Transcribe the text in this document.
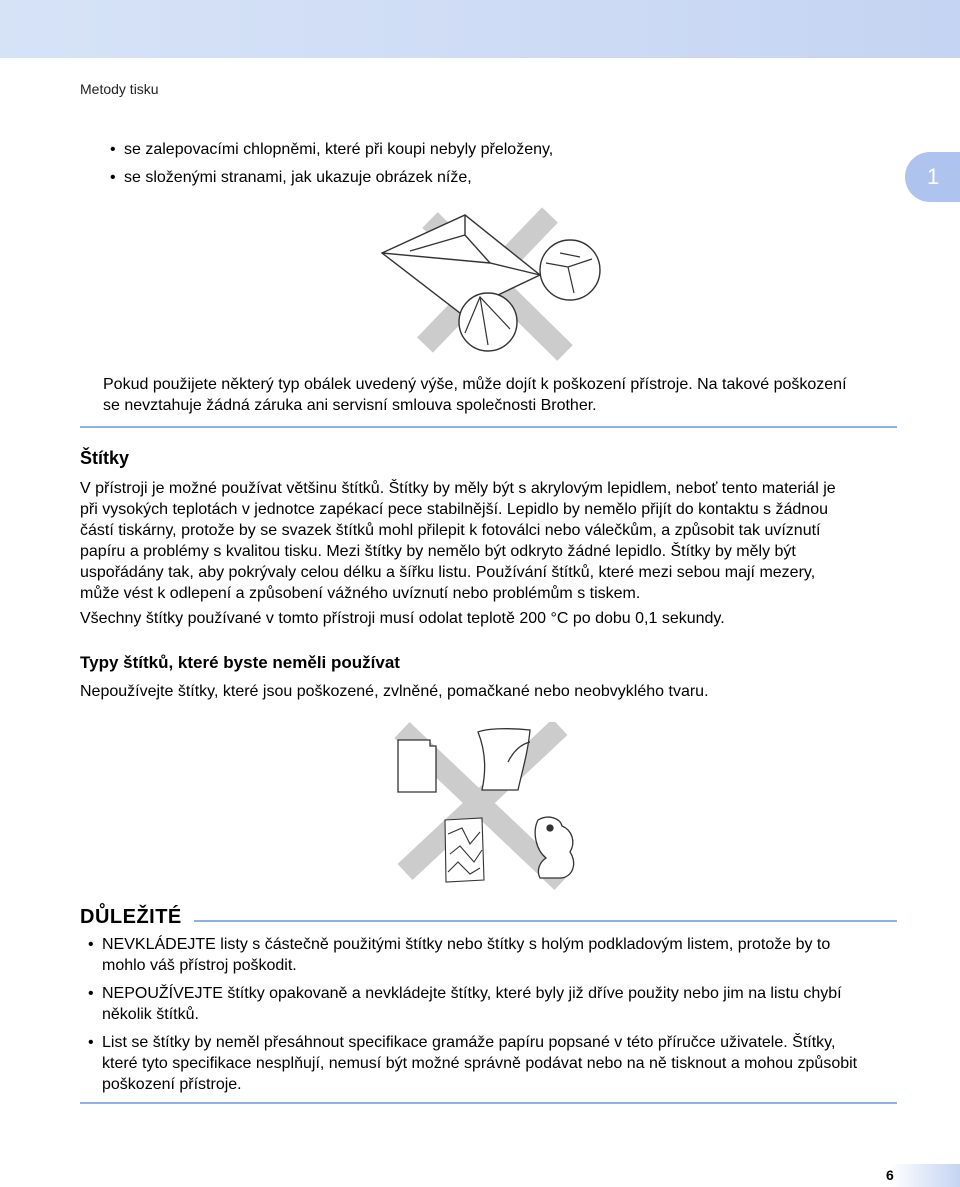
Metody tisku
1
• se zalepovacími chlopněmi, které při koupi nebyly přeloženy,
• se složenými stranami, jak ukazuje obrázek níže,
Pokud použijete některý typ obálek uvedený výše, může dojít k poškození přístroje. Na takové poškození
se nevztahuje žádná záruka ani servisní smlouva společnosti Brother.
Štítky
V přístroji je možné používat většinu štítků. Štítky by měly být s akrylovým lepidlem, neboť tento materiál je
při vysokých teplotách v jednotce zapékací pece stabilnější. Lepidlo by nemělo přijít do kontaktu s žádnou
částí tiskárny, protože by se svazek štítků mohl přilepit k fotoválci nebo válečkům, a způsobit tak uvíznutí
papíru a problémy s kvalitou tisku. Mezi štítky by nemělo být odkryto žádné lepidlo. Štítky by měly být
uspořádány tak, aby pokrývaly celou délku a šířku listu. Používání štítků, které mezi sebou mají mezery,
může vést k odlepení a způsobení vážného uvíznutí nebo problémům s tiskem.
Všechny štítky používané v tomto přístroji musí odolat teplotě 200 °C po dobu 0,1 sekundy.
Typy štítků, které byste neměli používat
Nepoužívejte štítky, které jsou poškozené, zvlněné, pomačkané nebo neobvyklého tvaru.
DŮLEŽITÉ
• NEVKLÁDEJTE listy s částečně použitými štítky nebo štítky s holým podkladovým listem, protože by to
mohlo váš přístroj poškodit.
• NEPOUŽÍVEJTE štítky opakovaně a nevkládejte štítky, které byly již dříve použity nebo jim na listu chybí
několik štítků.
• List se štítky by neměl přesáhnout specifikace gramáže papíru popsané v této příručce uživatele. Štítky,
které tyto specifikace nesplňují, nemusí být možné správně podávat nebo na ně tisknout a mohou způsobit
poškození přístroje.
6
